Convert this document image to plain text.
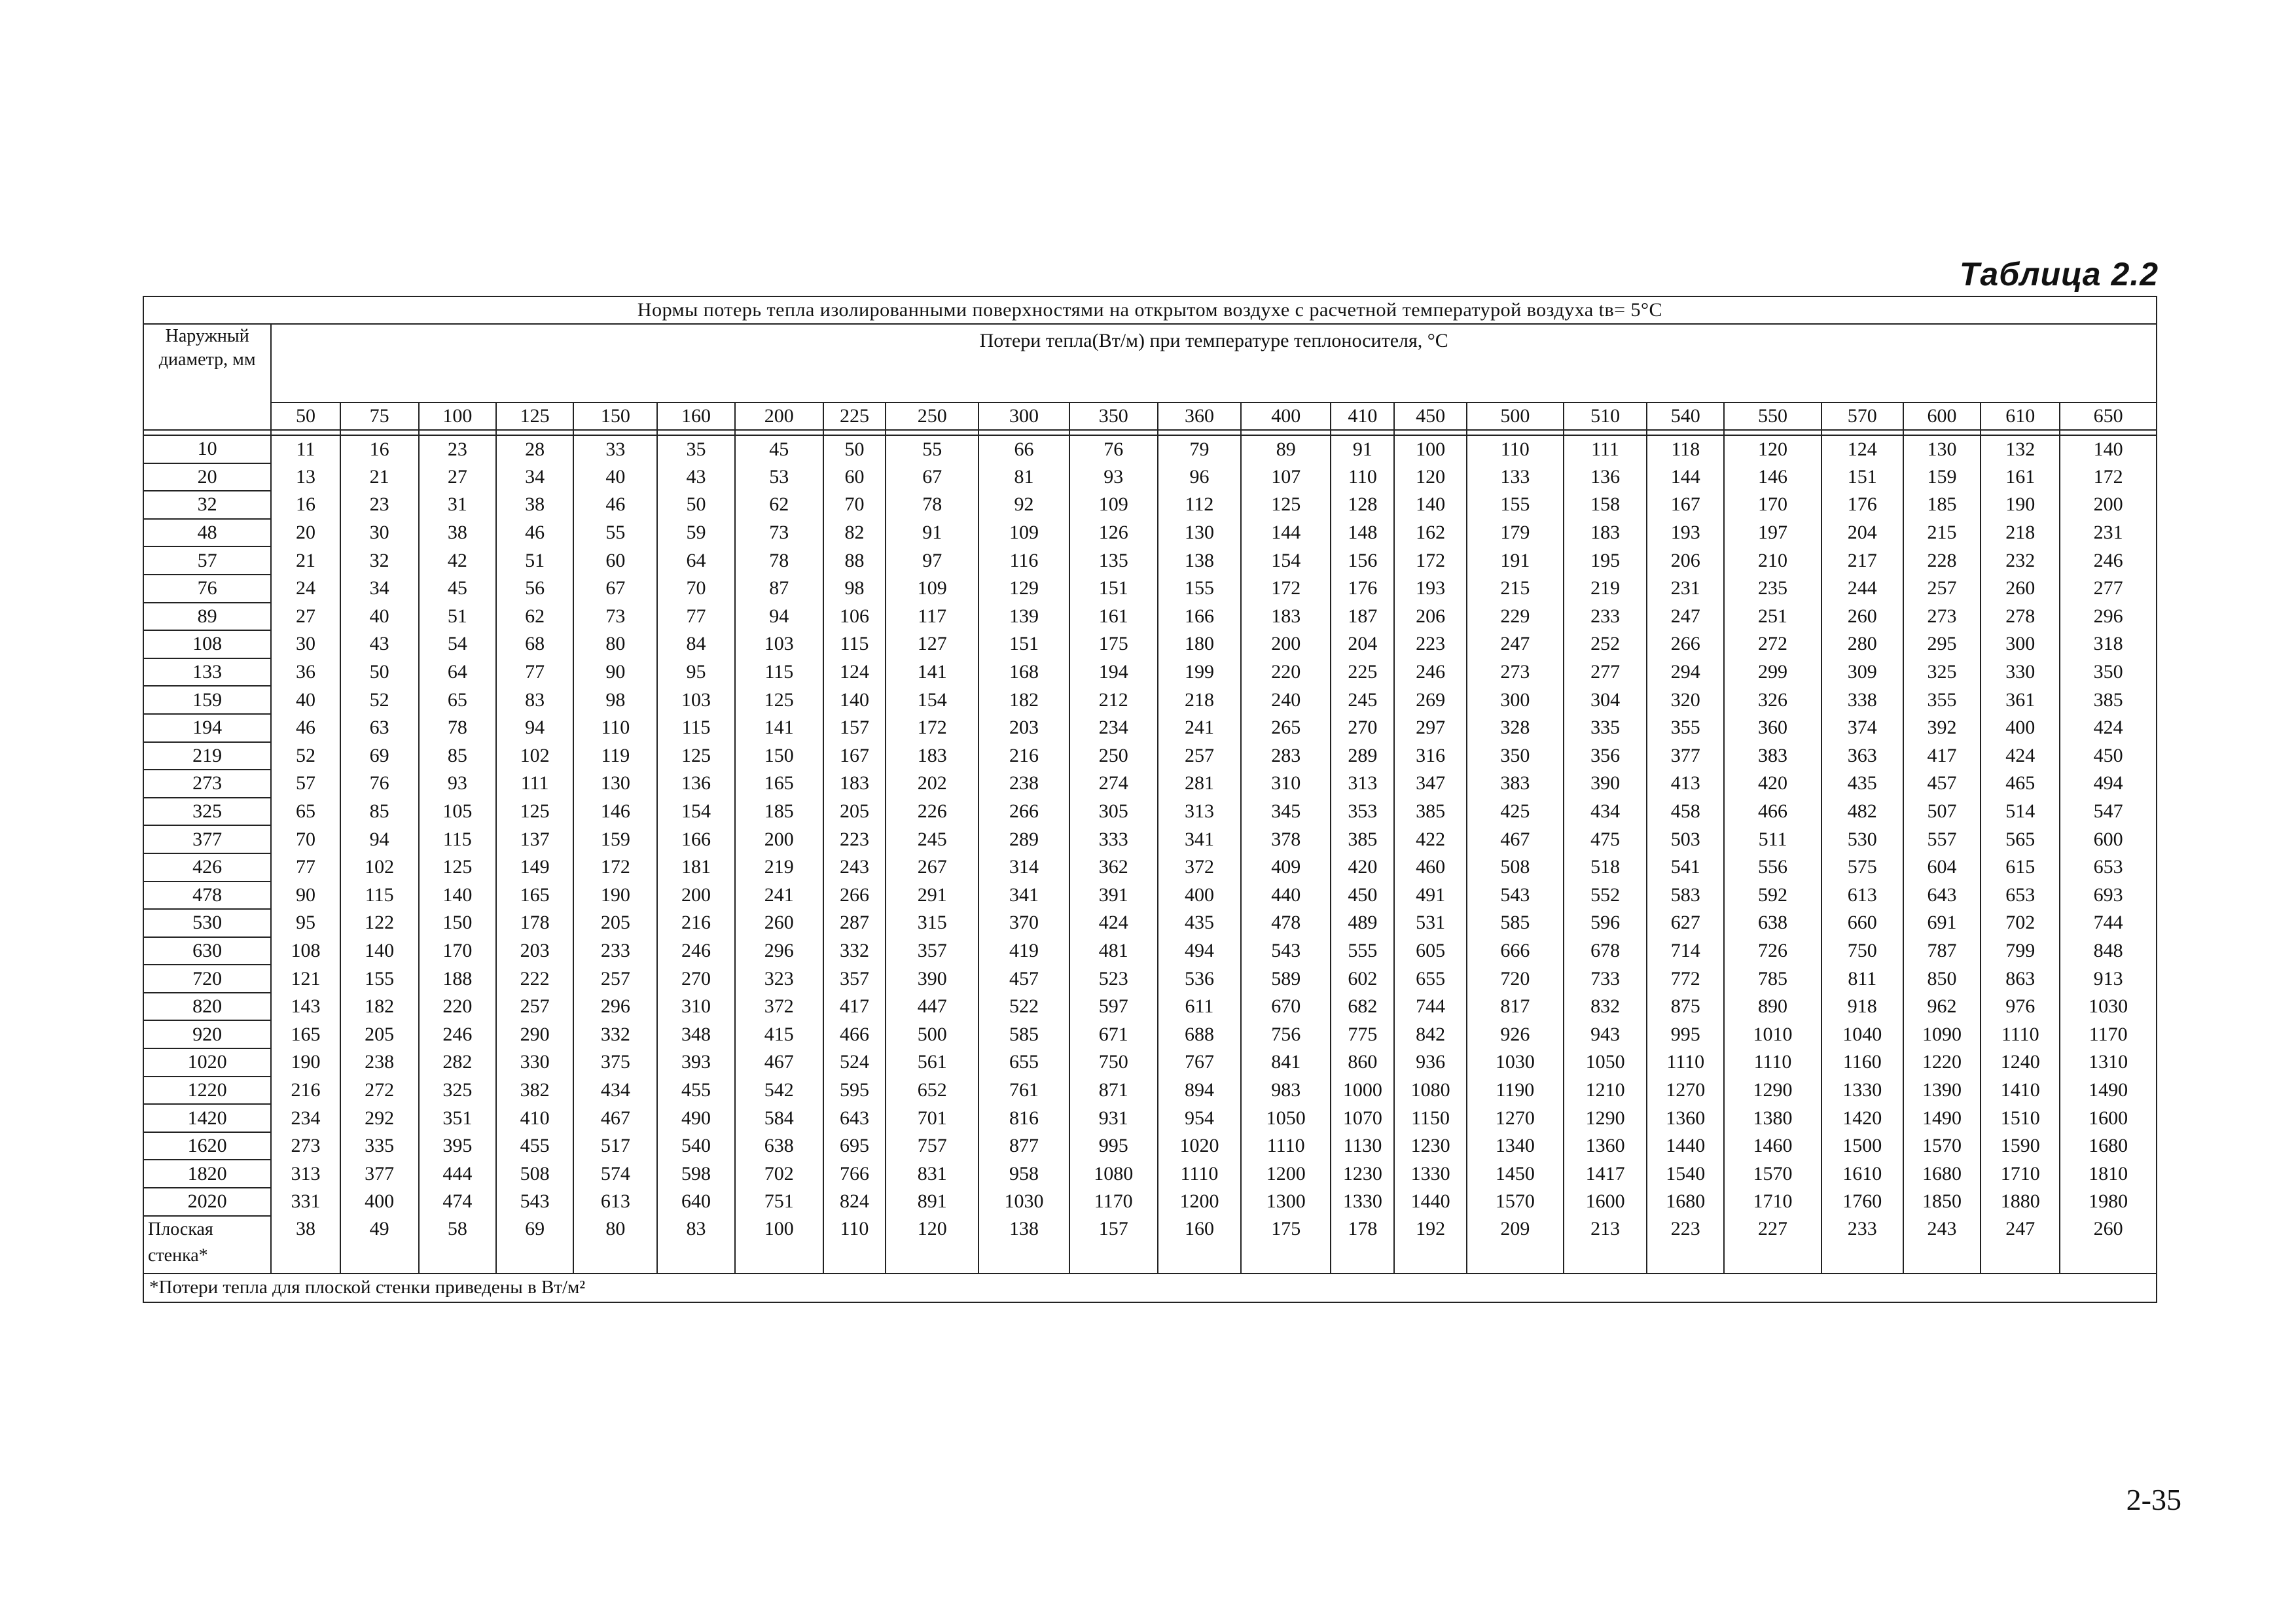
Таблица 2.2
Нормы потерь тепла изолированными поверхностями на открытом воздухе с расчетной температурой воздуха tв= 5°С																							
Наружный диаметр, мм	Потери тепла(Вт/м) при температуре теплоносителя, °С																						
	50	75	100	125	150	160	200	225	250	300	350	360	400	410	450	500	510	540	550	570	600	610	650

10	11	16	23	28	33	35	45	50	55	66	76	79	89	91	100	110	111	118	120	124	130	132	140
20	13	21	27	34	40	43	53	60	67	81	93	96	107	110	120	133	136	144	146	151	159	161	172
32	16	23	31	38	46	50	62	70	78	92	109	112	125	128	140	155	158	167	170	176	185	190	200
48	20	30	38	46	55	59	73	82	91	109	126	130	144	148	162	179	183	193	197	204	215	218	231
57	21	32	42	51	60	64	78	88	97	116	135	138	154	156	172	191	195	206	210	217	228	232	246
76	24	34	45	56	67	70	87	98	109	129	151	155	172	176	193	215	219	231	235	244	257	260	277
89	27	40	51	62	73	77	94	106	117	139	161	166	183	187	206	229	233	247	251	260	273	278	296
108	30	43	54	68	80	84	103	115	127	151	175	180	200	204	223	247	252	266	272	280	295	300	318
133	36	50	64	77	90	95	115	124	141	168	194	199	220	225	246	273	277	294	299	309	325	330	350
159	40	52	65	83	98	103	125	140	154	182	212	218	240	245	269	300	304	320	326	338	355	361	385
194	46	63	78	94	110	115	141	157	172	203	234	241	265	270	297	328	335	355	360	374	392	400	424
219	52	69	85	102	119	125	150	167	183	216	250	257	283	289	316	350	356	377	383	363	417	424	450
273	57	76	93	111	130	136	165	183	202	238	274	281	310	313	347	383	390	413	420	435	457	465	494
325	65	85	105	125	146	154	185	205	226	266	305	313	345	353	385	425	434	458	466	482	507	514	547
377	70	94	115	137	159	166	200	223	245	289	333	341	378	385	422	467	475	503	511	530	557	565	600
426	77	102	125	149	172	181	219	243	267	314	362	372	409	420	460	508	518	541	556	575	604	615	653
478	90	115	140	165	190	200	241	266	291	341	391	400	440	450	491	543	552	583	592	613	643	653	693
530	95	122	150	178	205	216	260	287	315	370	424	435	478	489	531	585	596	627	638	660	691	702	744
630	108	140	170	203	233	246	296	332	357	419	481	494	543	555	605	666	678	714	726	750	787	799	848
720	121	155	188	222	257	270	323	357	390	457	523	536	589	602	655	720	733	772	785	811	850	863	913
820	143	182	220	257	296	310	372	417	447	522	597	611	670	682	744	817	832	875	890	918	962	976	1030
920	165	205	246	290	332	348	415	466	500	585	671	688	756	775	842	926	943	995	1010	1040	1090	1110	1170
1020	190	238	282	330	375	393	467	524	561	655	750	767	841	860	936	1030	1050	1110	1110	1160	1220	1240	1310
1220	216	272	325	382	434	455	542	595	652	761	871	894	983	1000	1080	1190	1210	1270	1290	1330	1390	1410	1490
1420	234	292	351	410	467	490	584	643	701	816	931	954	1050	1070	1150	1270	1290	1360	1380	1420	1490	1510	1600
1620	273	335	395	455	517	540	638	695	757	877	995	1020	1110	1130	1230	1340	1360	1440	1460	1500	1570	1590	1680
1820	313	377	444	508	574	598	702	766	831	958	1080	1110	1200	1230	1330	1450	1417	1540	1570	1610	1680	1710	1810
2020	331	400	474	543	613	640	751	824	891	1030	1170	1200	1300	1330	1440	1570	1600	1680	1710	1760	1850	1880	1980
Плоская стенка*	38	49	58	69	80	83	100	110	120	138	157	160	175	178	192	209	213	223	227	233	243	247	260
*Потери тепла для плоской стенки приведены в Вт/м²																							
2-35
